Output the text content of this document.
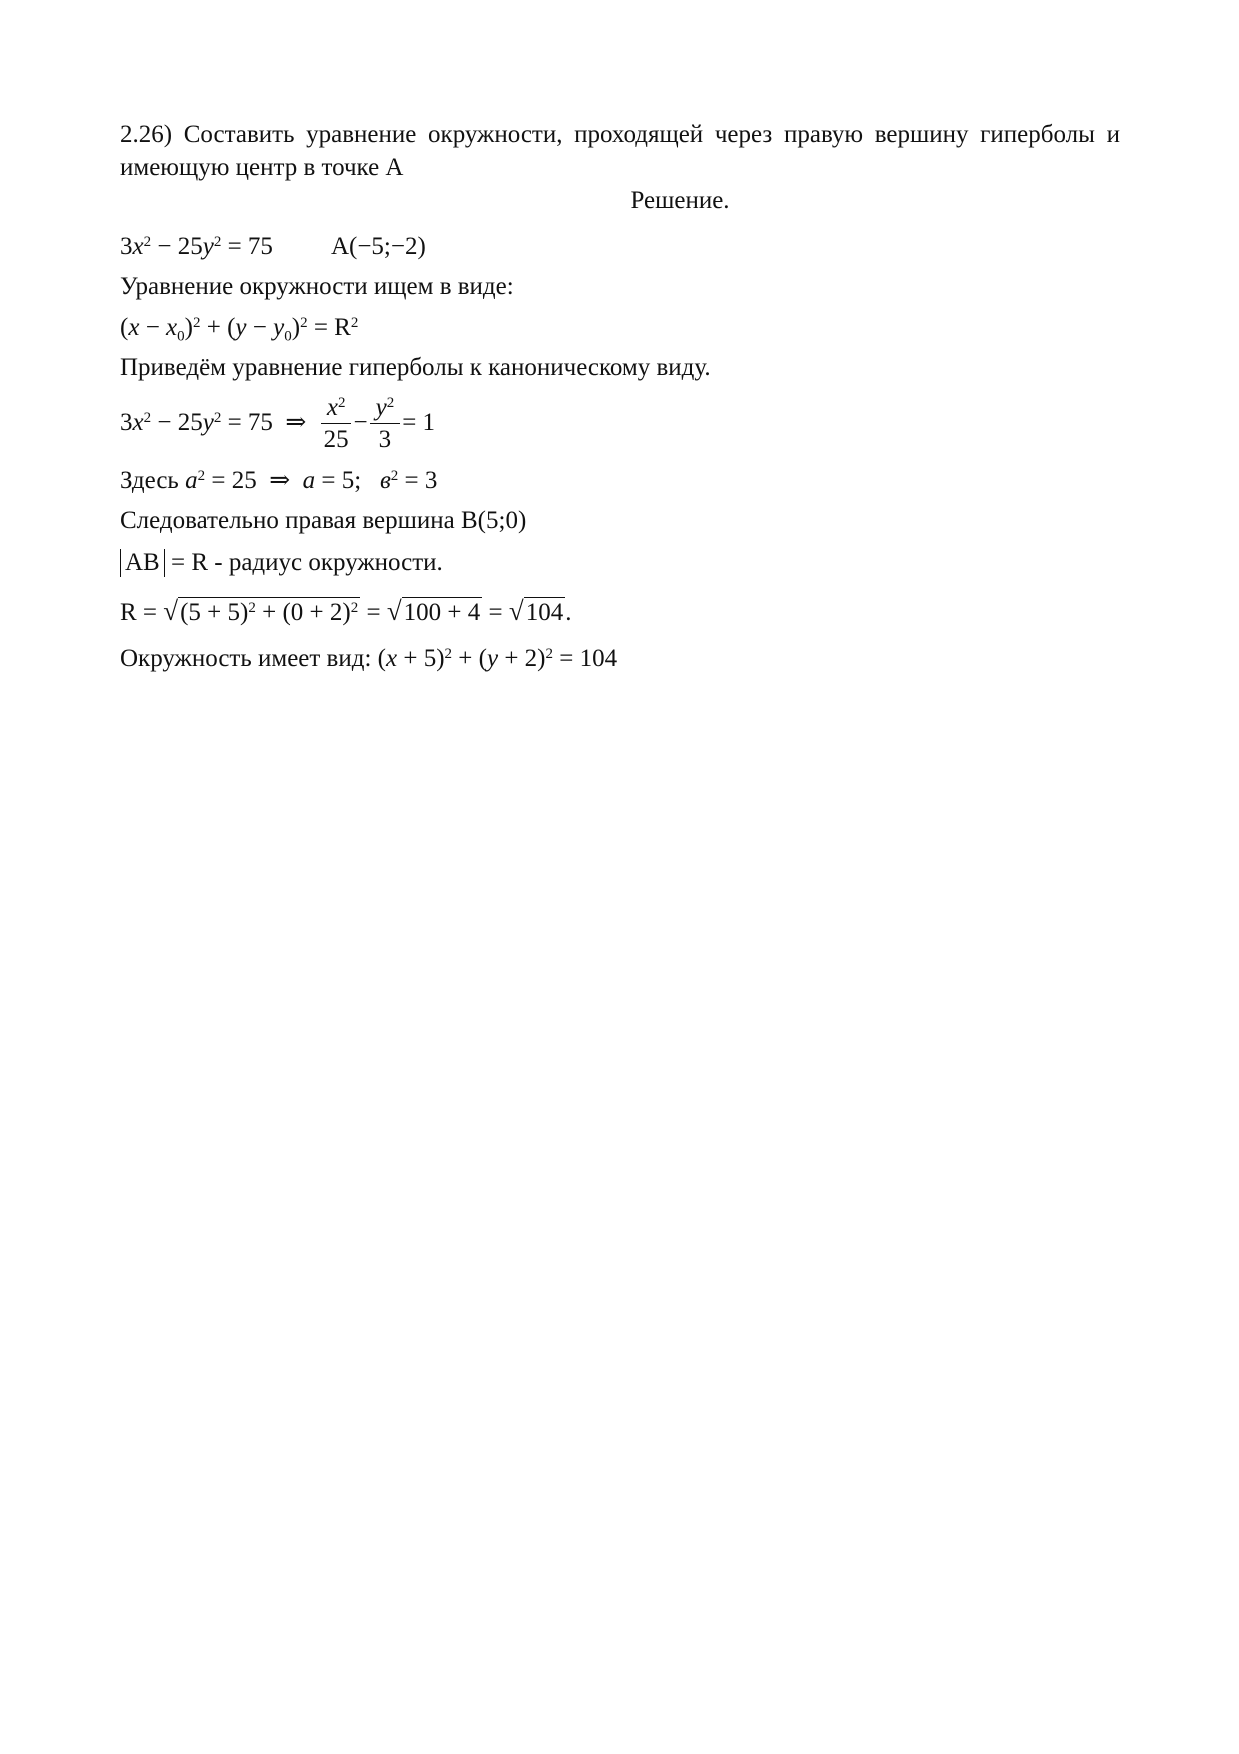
2.26) Составить уравнение окружности, проходящей через правую вершину гиперболы и имеющую центр в точке А

Решение.

$3x^2 - 25y^2 = 75$ A(−5;−2)
Уравнение окружности ищем в виде:
$(x - x_0)^2 + (y - y_0)^2 = R^2$
Приведём уравнение гиперболы к каноническому виду.
$3x^2 - 25y^2 = 75$  ⇒ $\frac{x^2}{25} - \frac{y^2}{3} = 1$
Здесь $a^2 = 25$  ⇒  a = 5;   $в^2 = 3$
Следовательно правая вершина B(5;0)
AB = R - радиус окружности.
$R = √(5 + 5)^2 + (0 + 2)^2 = √100 + 4 = √104$.
Окружность имеет вид: $(x + 5)^2 + (y + 2)^2 = 104$
